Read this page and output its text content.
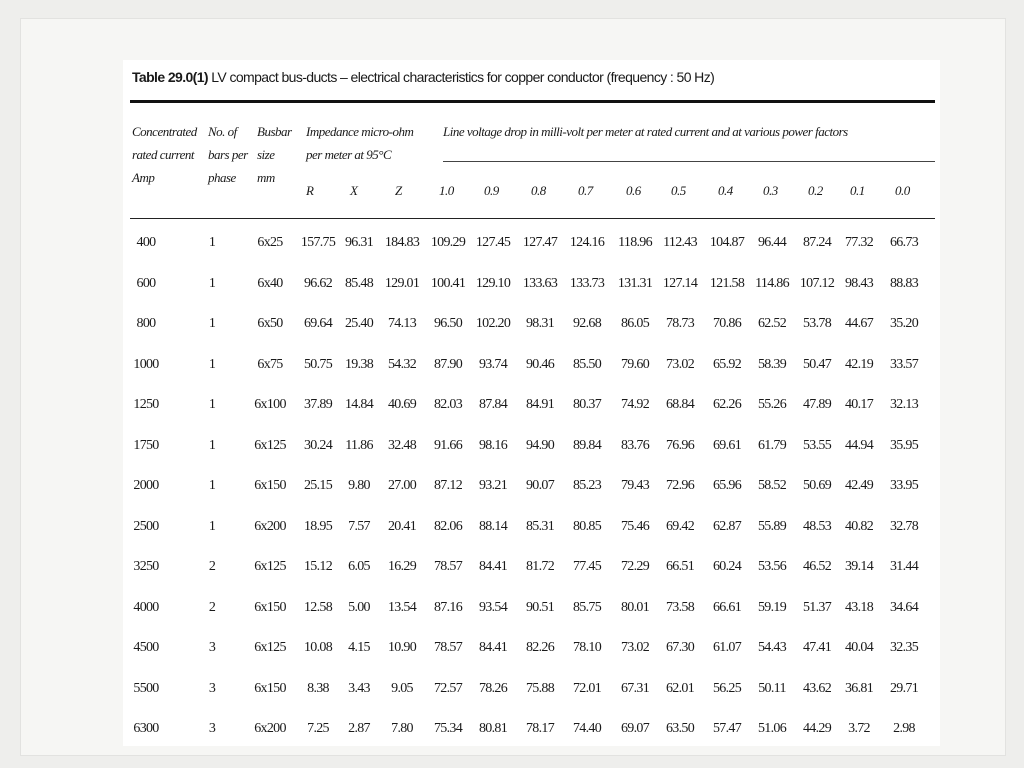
Table 29.0(1) LV compact bus-ducts – electrical characteristics for copper conductor (frequency : 50 Hz)
Concentrated
rated current
Amp
No. of
bars per
phase
Busbar
size
mm
Impedance micro-ohm
per meter at 95°C
R	X	Z
Line voltage drop in milli-volt per meter at rated current and at various power factors
1.0 0.9 0.8 0.7	0.6 0.5 0.4 0.3 0.2 0.1 0.0
400	1	6x25 157.75 96.31 184.83 109.29 127.45 127.47 124.16 118.96 112.43 104.87 96.44 87.24 77.32 66.73
600	1	6x40 96.62 85.48 129.01 100.41 129.10 133.63 133.73 131.31 127.14 121.58 114.86 107.12 98.43 88.83
800	1	6x50 69.64 25.40 74.13 96.50 102.20 98.31 92.68 86.05 78.73 70.86 62.52 53.78 44.67 35.20
1000	1	6x75 50.75 19.38 54.32 87.90 93.74 90.46 85.50 79.60 73.02 65.92 58.39 50.47 42.19 33.57
1250	1	6x100 37.89 14.84 40.69 82.03 87.84 84.91 80.37 74.92 68.84 62.26 55.26 47.89 40.17 32.13
1750	1	6x125 30.24 11.86 32.48 91.66 98.16 94.90 89.84 83.76 76.96 69.61 61.79 53.55 44.94 35.95
2000	1	6x150 25.15 9.80 27.00 87.12 93.21 90.07 85.23 79.43 72.96 65.96 58.52 50.69 42.49 33.95
2500	1	6x200 18.95 7.57 20.41 82.06 88.14 85.31 80.85 75.46 69.42 62.87 55.89 48.53 40.82 32.78
3250	2	6x125 15.12 6.05 16.29 78.57 84.41 81.72 77.45 72.29 66.51 60.24 53.56 46.52 39.14 31.44
4000	2	6x150 12.58 5.00 13.54 87.16 93.54 90.51 85.75 80.01 73.58 66.61 59.19 51.37 43.18 34.64
4500	3	6x125 10.08 4.15 10.90 78.57 84.41 82.26 78.10 73.02 67.30 61.07 54.43 47.41 40.04 32.35
5500	3	6x150 8.38 3.43 9.05 72.57 78.26 75.88 72.01 67.31 62.01 56.25 50.11 43.62 36.81 29.71
6300	3	6x200 7.25 2.87 7.80 75.34 80.81 78.17 74.40 69.07 63.50 57.47 51.06 44.29 3.72 2.98
